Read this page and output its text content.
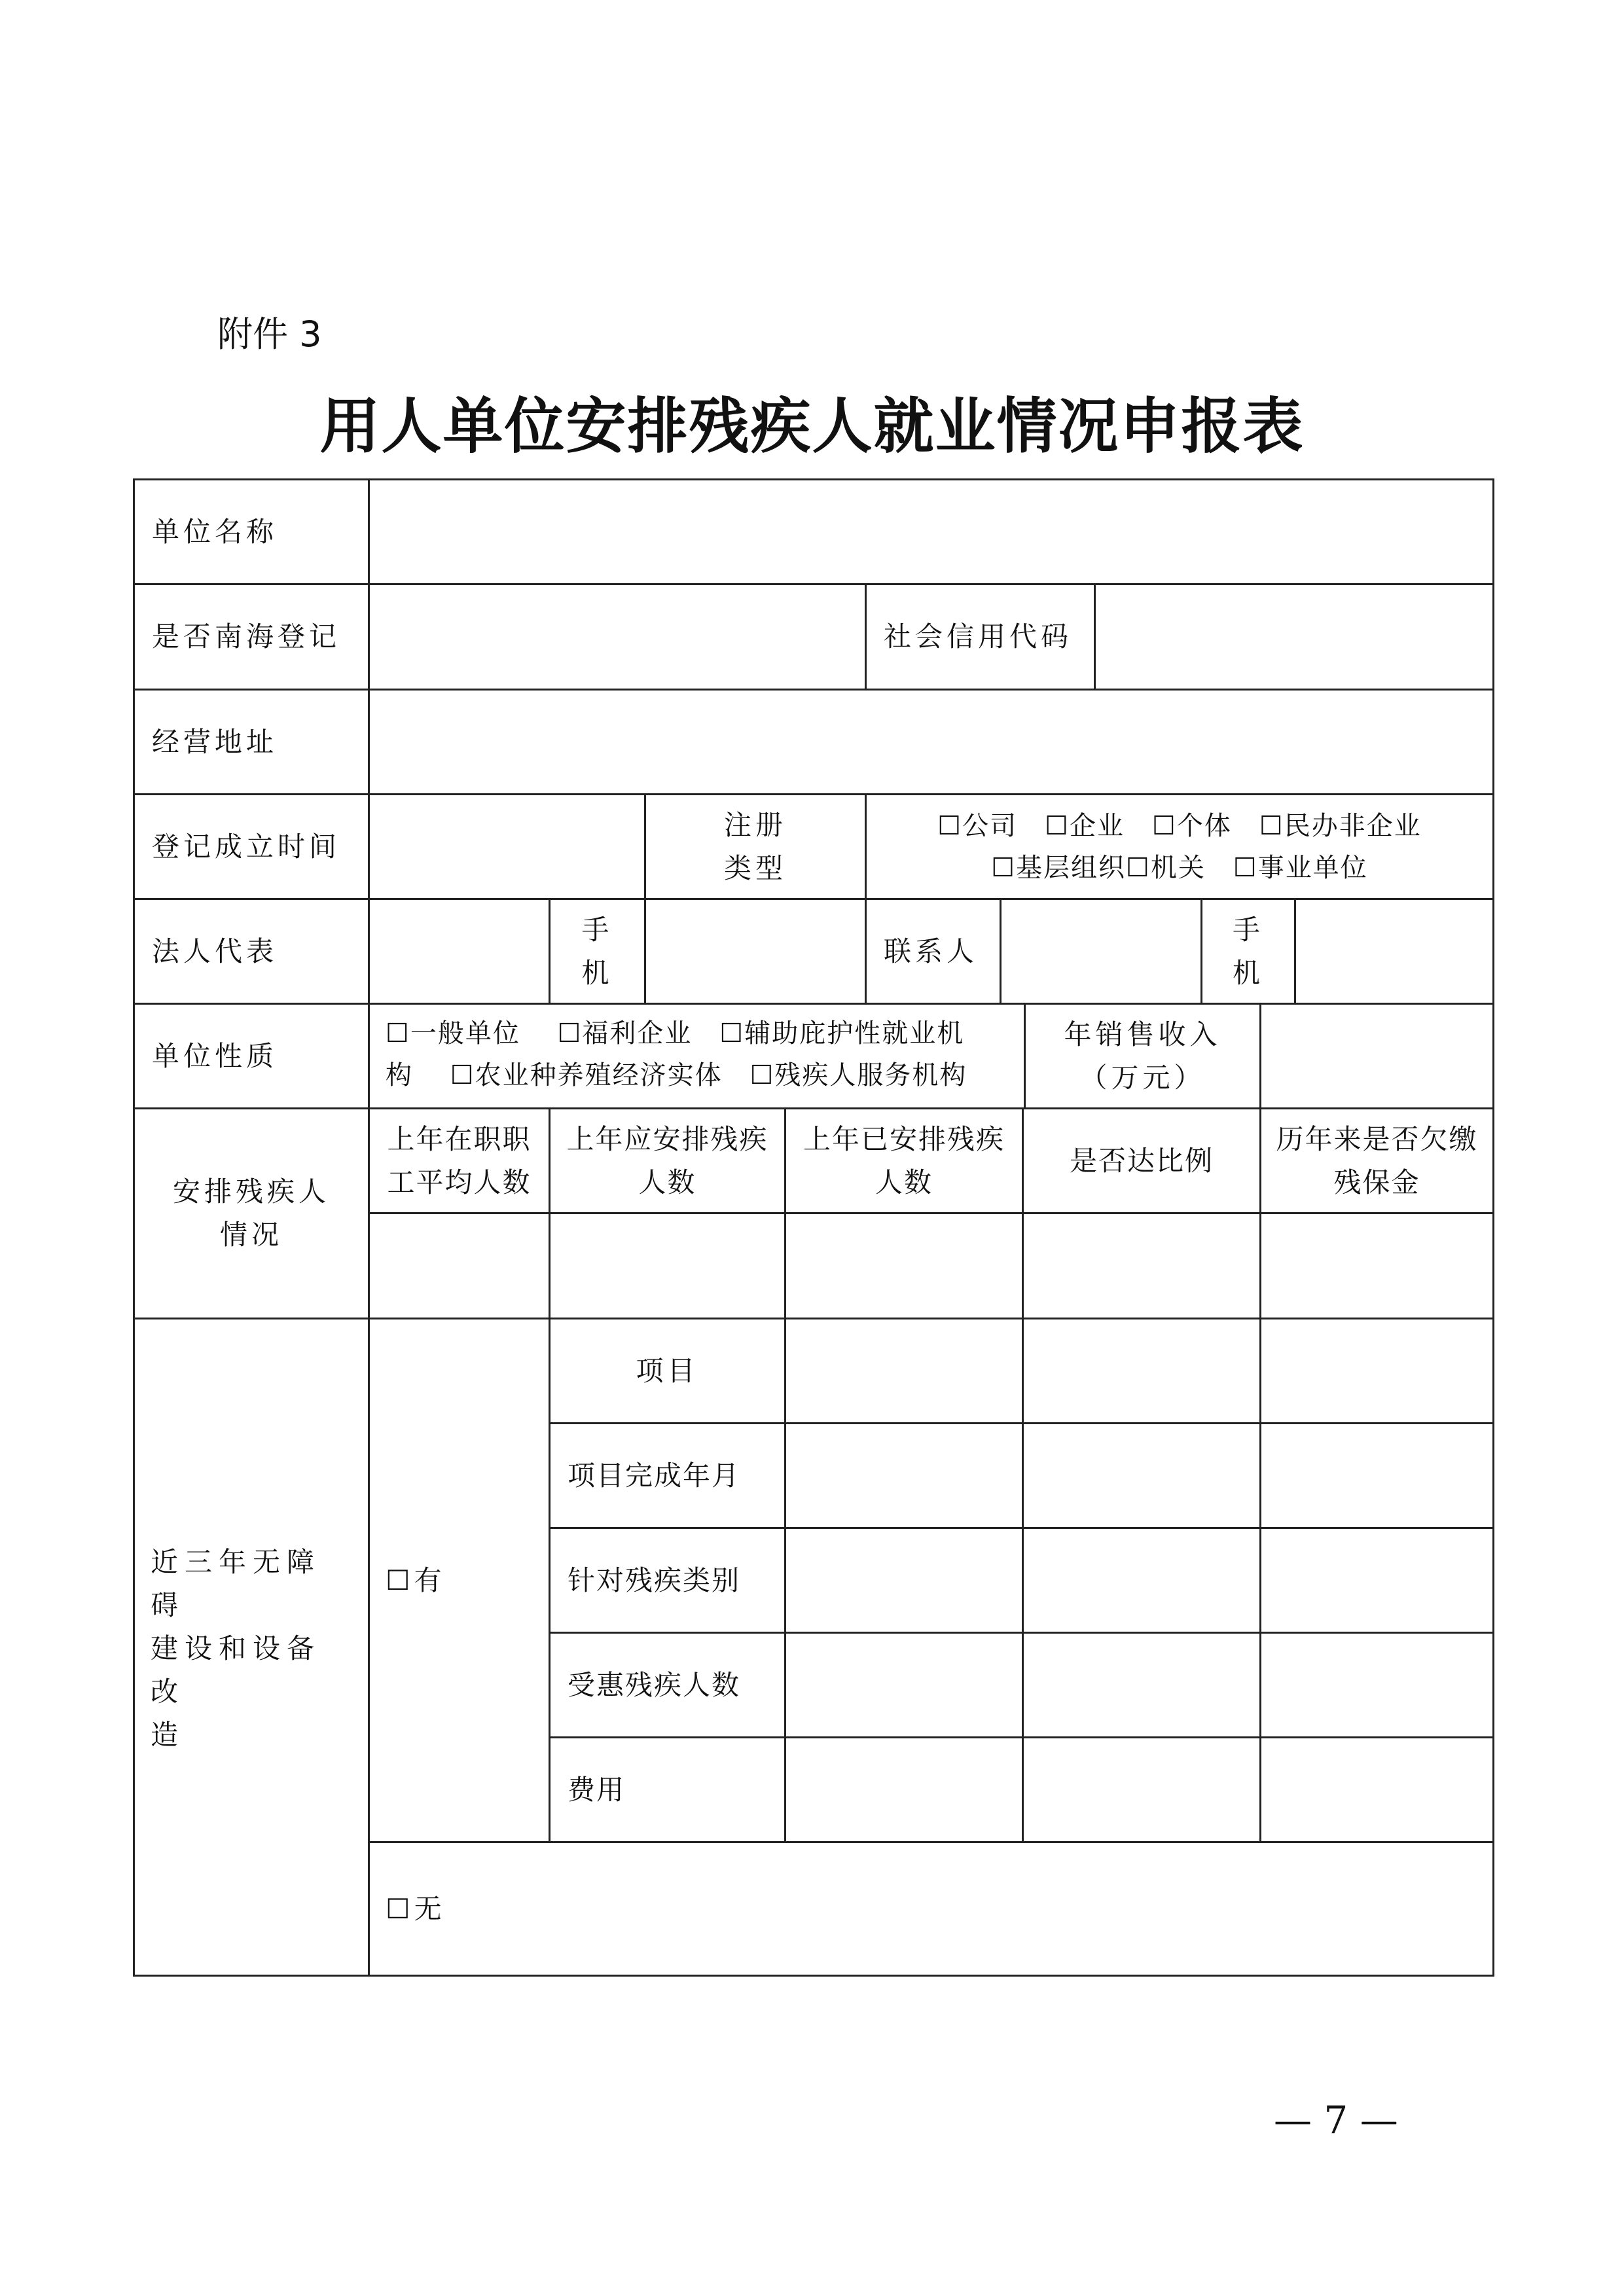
附件 3
用人单位安排残疾人就业情况申报表
单位名称
是否南海登记	社会信用代码
经营地址
登记成立时间
注册
类型
☐公司　☐企业　☐个体　☐民办非企业
☐基层组织☐机关　☐事业单位
法人代表
手
机
联系人
手
机
单位性质
☐一般单位　 ☐福利企业　☐辅助庇护性就业机
构　 ☐农业种养殖经济实体　☐残疾人服务机构
年销售收入
（万元）
安排残疾人
情况
上年在职职
工平均人数
上年应安排残疾
人数
上年已安排残疾
人数
是否达比例
历年来是否欠缴
残保金
近三年无障碍
建设和设备改
造
☐有
项目
项目完成年月
针对残疾类别
受惠残疾人数
费用
☐无
— 7 —
